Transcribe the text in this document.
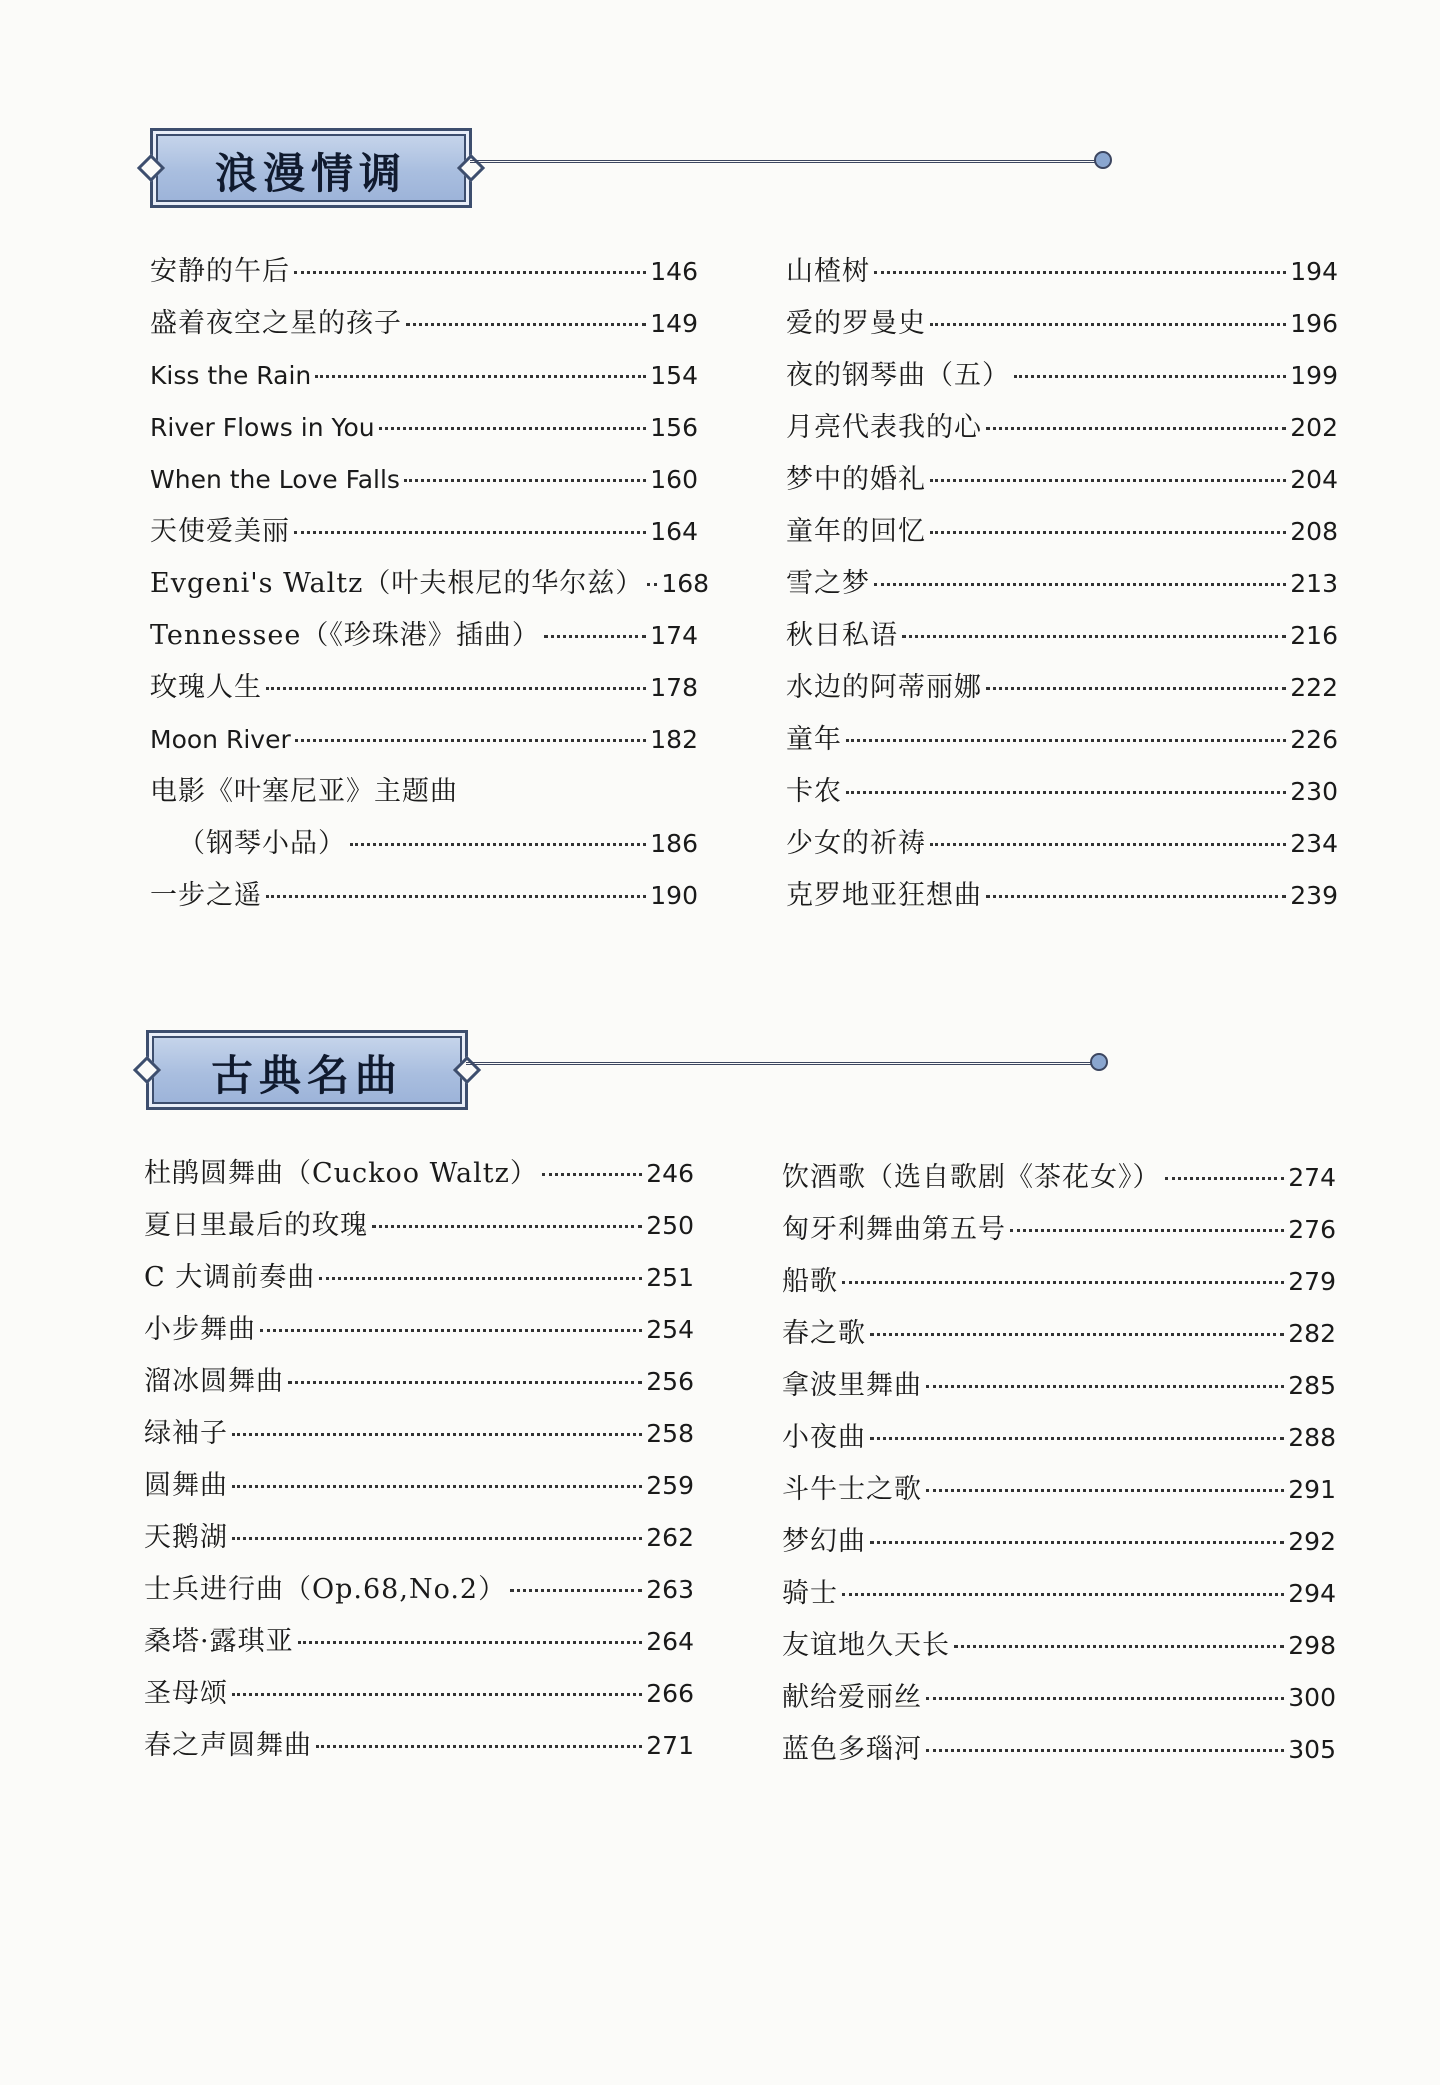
浪漫情调
安静的午后	146
盛着夜空之星的孩子	149
Kiss the Rain	154
River Flows in You	156
When the Love Falls	160
天使爱美丽	164
Evgeni's Waltz（叶夫根尼的华尔兹） 168
Tennessee（《珍珠港》插曲）	174
玫瑰人生	178
Moon River	182
电影《叶塞尼亚》主题曲
（钢琴小品）	186
一步之遥	190
山楂树	194
爱的罗曼史	196
夜的钢琴曲（五）	199
月亮代表我的心	202
梦中的婚礼	204
童年的回忆	208
雪之梦	213
秋日私语	216
水边的阿蒂丽娜	222
童年	226
卡农	230
少女的祈祷	234
克罗地亚狂想曲	239
古典名曲
杜鹃圆舞曲（Cuckoo Waltz）	246
夏日里最后的玫瑰	250
C 大调前奏曲	251
小步舞曲	254
溜冰圆舞曲	256
绿袖子	258
圆舞曲	259
天鹅湖	262
士兵进行曲（Op.68,No.2）	263
桑塔·露琪亚	264
圣母颂	266
春之声圆舞曲	271
饮酒歌（选自歌剧《茶花女》）	274
匈牙利舞曲第五号	276
船歌	279
春之歌	282
拿波里舞曲	285
小夜曲	288
斗牛士之歌	291
梦幻曲	292
骑士	294
友谊地久天长	298
献给爱丽丝	300
蓝色多瑙河	305
